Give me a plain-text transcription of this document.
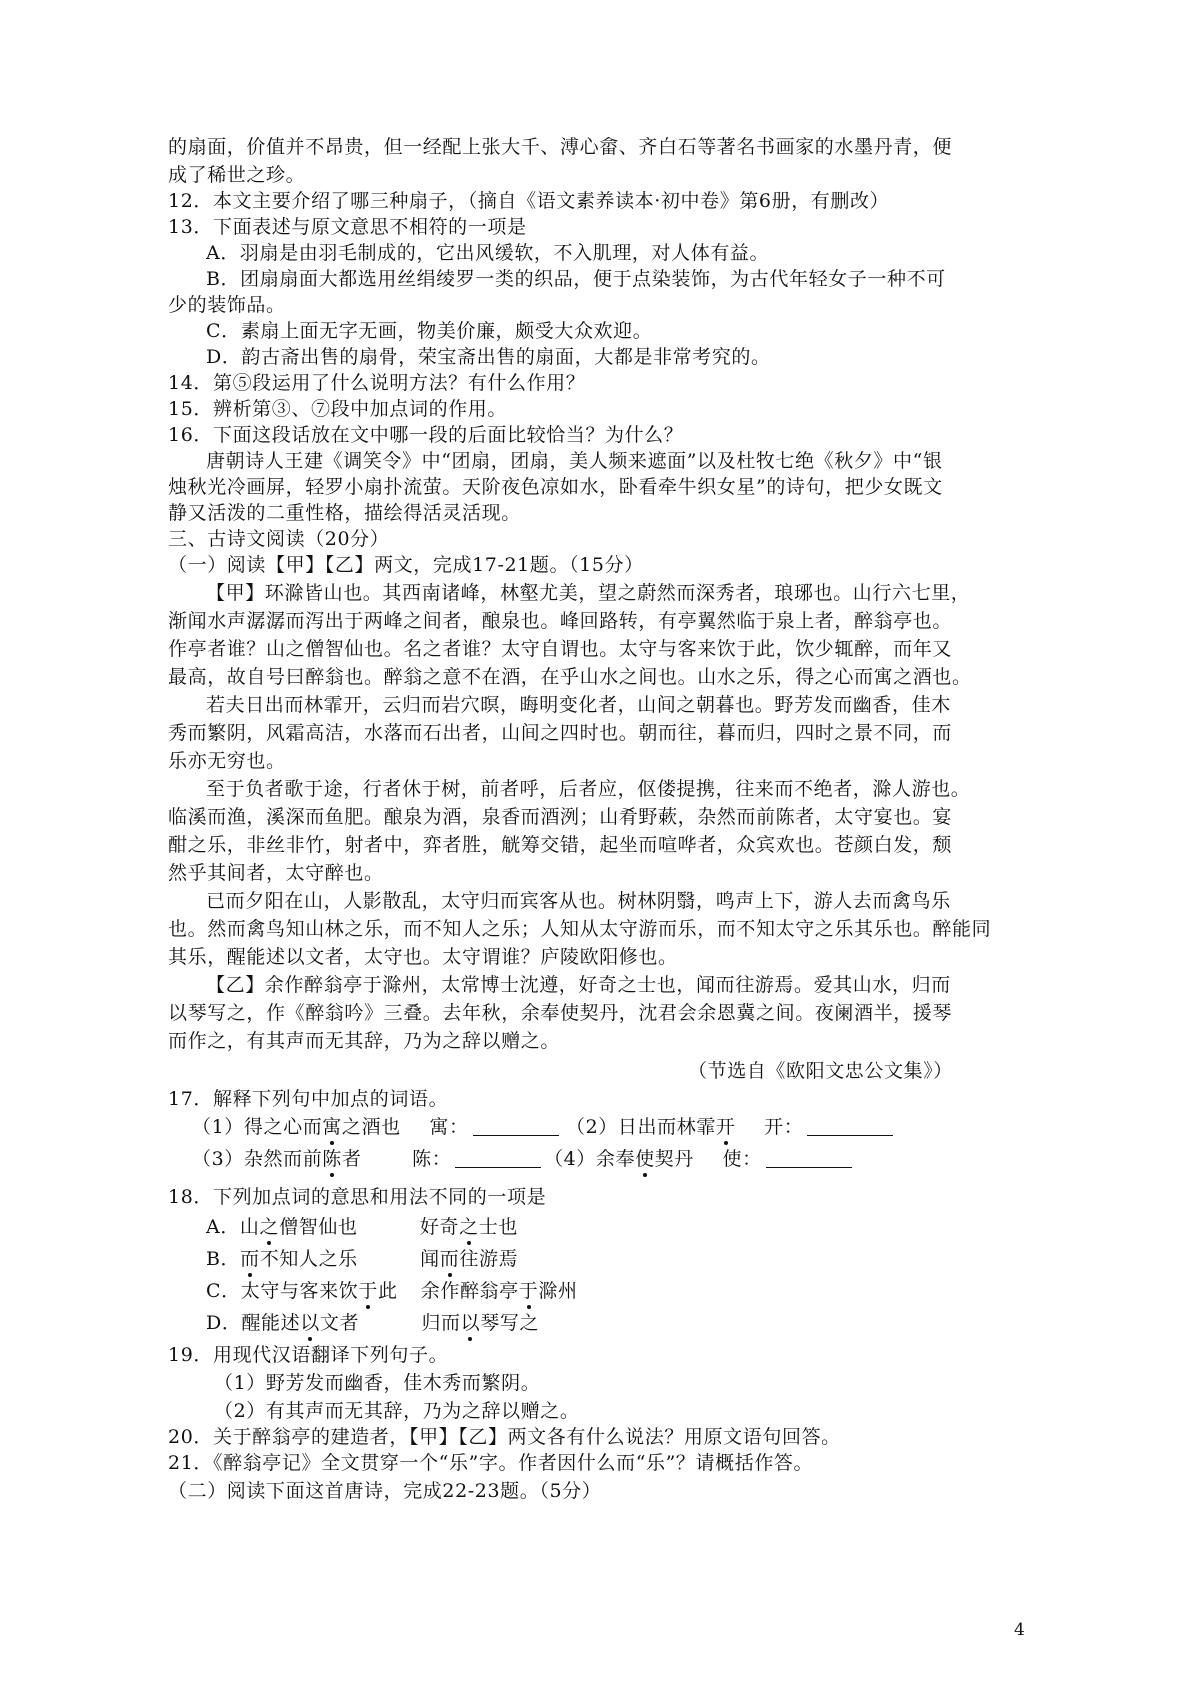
的扇面，价值并不昂贵，但一经配上张大千、溥心畲、齐白石等著名书画家的水墨丹青，便
成了稀世之珍。
12．本文主要介绍了哪三种扇子，（摘自《语文素养读本·初中卷》第6册，有删改）
13．下面表述与原文意思不相符的一项是
A．羽扇是由羽毛制成的，它出风缓软，不入肌理，对人体有益。
B．团扇扇面大都选用丝绢绫罗一类的织品，便于点染装饰，为古代年轻女子一种不可
少的装饰品。
C．素扇上面无字无画，物美价廉，颇受大众欢迎。
D．韵古斋出售的扇骨，荣宝斋出售的扇面，大都是非常考究的。
14．第⑤段运用了什么说明方法？有什么作用？
15．辨析第③、⑦段中加点词的作用。
16．下面这段话放在文中哪一段的后面比较恰当？为什么？
唐朝诗人王建《调笑令》中“团扇，团扇，美人频来遮面”以及杜牧七绝《秋夕》中“银
烛秋光冷画屏，轻罗小扇扑流萤。天阶夜色凉如水，卧看牵牛织女星”的诗句，把少女既文
静又活泼的二重性格，描绘得活灵活现。
三、古诗文阅读（20分）
（一）阅读【甲】【乙】两文，完成17-21题。（15分）
【甲】环滁皆山也。其西南诸峰，林壑尤美，望之蔚然而深秀者，琅琊也。山行六七里，
渐闻水声潺潺而泻出于两峰之间者，酿泉也。峰回路转，有亭翼然临于泉上者，醉翁亭也。
作亭者谁？山之僧智仙也。名之者谁？太守自谓也。太守与客来饮于此，饮少辄醉，而年又
最高，故自号曰醉翁也。醉翁之意不在酒，在乎山水之间也。山水之乐，得之心而寓之酒也。
若夫日出而林霏开，云归而岩穴暝，晦明变化者，山间之朝暮也。野芳发而幽香，佳木
秀而繁阴，风霜高洁，水落而石出者，山间之四时也。朝而往，暮而归，四时之景不同，而
乐亦无穷也。
至于负者歌于途，行者休于树，前者呼，后者应，伛偻提携，往来而不绝者，滁人游也。
临溪而渔，溪深而鱼肥。酿泉为酒，泉香而酒洌；山肴野蔌，杂然而前陈者，太守宴也。宴
酣之乐，非丝非竹，射者中，弈者胜，觥筹交错，起坐而喧哗者，众宾欢也。苍颜白发，颓
然乎其间者，太守醉也。
已而夕阳在山，人影散乱，太守归而宾客从也。树林阴翳，鸣声上下，游人去而禽鸟乐
也。然而禽鸟知山林之乐，而不知人之乐；人知从太守游而乐，而不知太守之乐其乐也。醉能同
其乐，醒能述以文者，太守也。太守谓谁？庐陵欧阳修也。
【乙】余作醉翁亭于滁州，太常博士沈遵，好奇之士也，闻而往游焉。爱其山水，归而
以琴写之，作《醉翁吟》三叠。去年秋，余奉使契丹，沈君会余恩冀之间。夜阑酒半，援琴
而作之，有其声而无其辞，乃为之辞以赠之。
（节选自《欧阳文忠公文集》）
17．解释下列句中加点的词语。
（1）得之心而寓之酒也 寓：	（2）日出而林霏开 开：
（3）杂然而前陈者	陈：	（4）余奉使契丹 使：
18．下列加点词的意思和用法不同的一项是
A．山之僧智仙也	好奇之士也
B．而不知人之乐	闻而往游焉
C．太守与客来饮于此 余作醉翁亭于滁州
D．醒能述以文者	归而以琴写之
19．用现代汉语翻译下列句子。
（1）野芳发而幽香，佳木秀而繁阴。
（2）有其声而无其辞，乃为之辞以赠之。
20．关于醉翁亭的建造者，【甲】【乙】两文各有什么说法？用原文语句回答。
21．《醉翁亭记》全文贯穿一个“乐”字。作者因什么而“乐”？请概括作答。
（二）阅读下面这首唐诗，完成22-23题。（5分）
4
